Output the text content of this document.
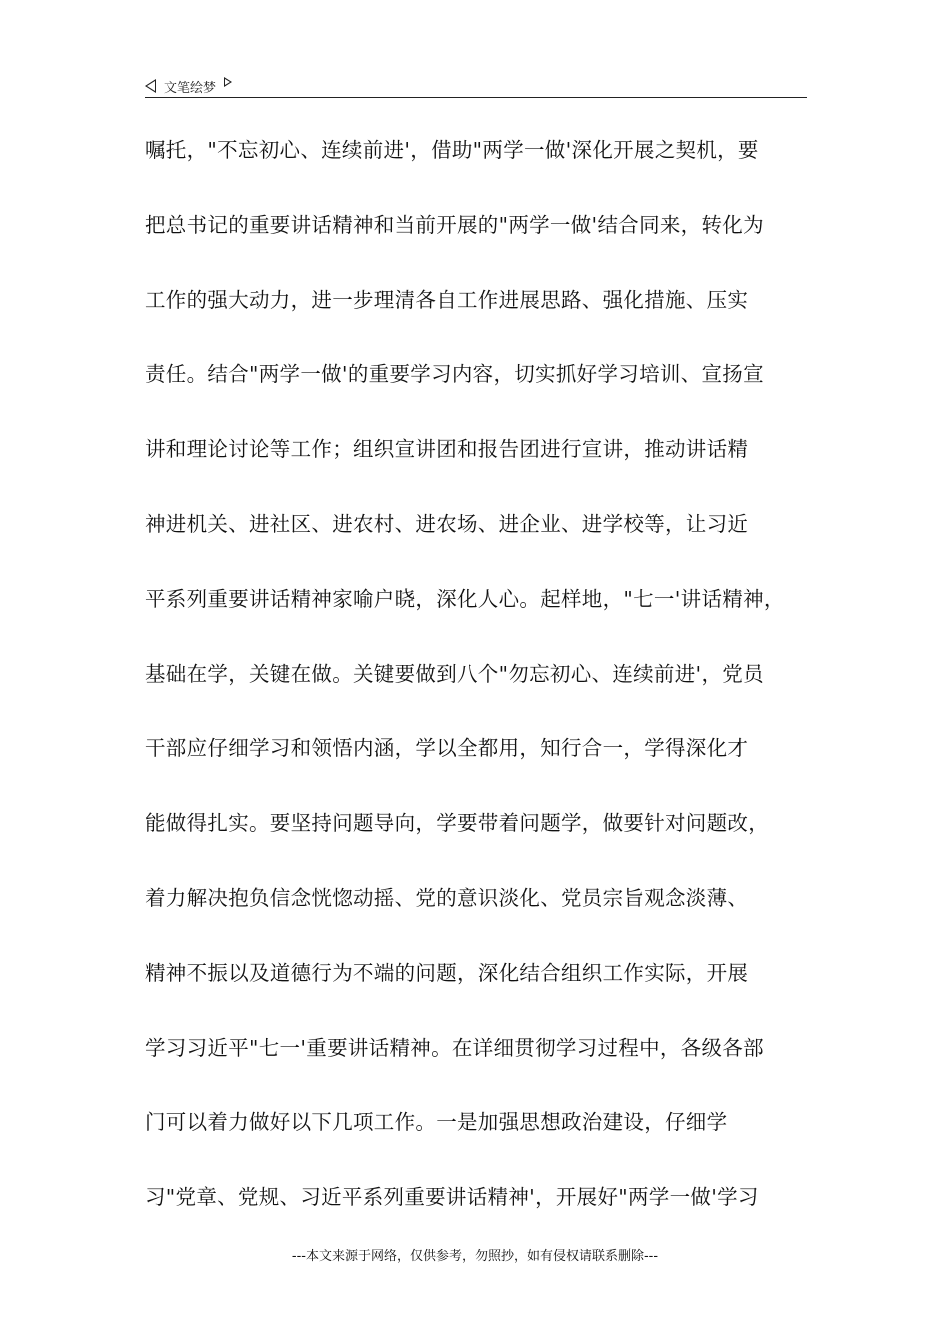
文笔绘梦
嘱托，"不忘初心、连续前进'，借助"两学一做'深化开展之契机，要
把总书记的重要讲话精神和当前开展的"两学一做'结合同来，转化为
工作的强大动力，进一步理清各自工作进展思路、强化措施、压实
责任。结合"两学一做'的重要学习内容，切实抓好学习培训、宣扬宣
讲和理论讨论等工作；组织宣讲团和报告团进行宣讲，推动讲话精
神进机关、进社区、进农村、进农场、进企业、进学校等，让习近
平系列重要讲话精神家喻户晓，深化人心。起样地，"七一'讲话精神，
基础在学，关键在做。关键要做到八个"勿忘初心、连续前进'，党员
干部应仔细学习和领悟内涵，学以全都用，知行合一，学得深化才
能做得扎实。要坚持问题导向，学要带着问题学，做要针对问题改，
着力解决抱负信念恍惚动摇、党的意识淡化、党员宗旨观念淡薄、
精神不振以及道德行为不端的问题，深化结合组织工作实际，开展
学习习近平"七一'重要讲话精神。在详细贯彻学习过程中，各级各部
门可以着力做好以下几项工作。一是加强思想政治建设，仔细学
习"党章、党规、习近平系列重要讲话精神'，开展好"两学一做'学习
---本文来源于网络，仅供参考，勿照抄，如有侵权请联系删除---
